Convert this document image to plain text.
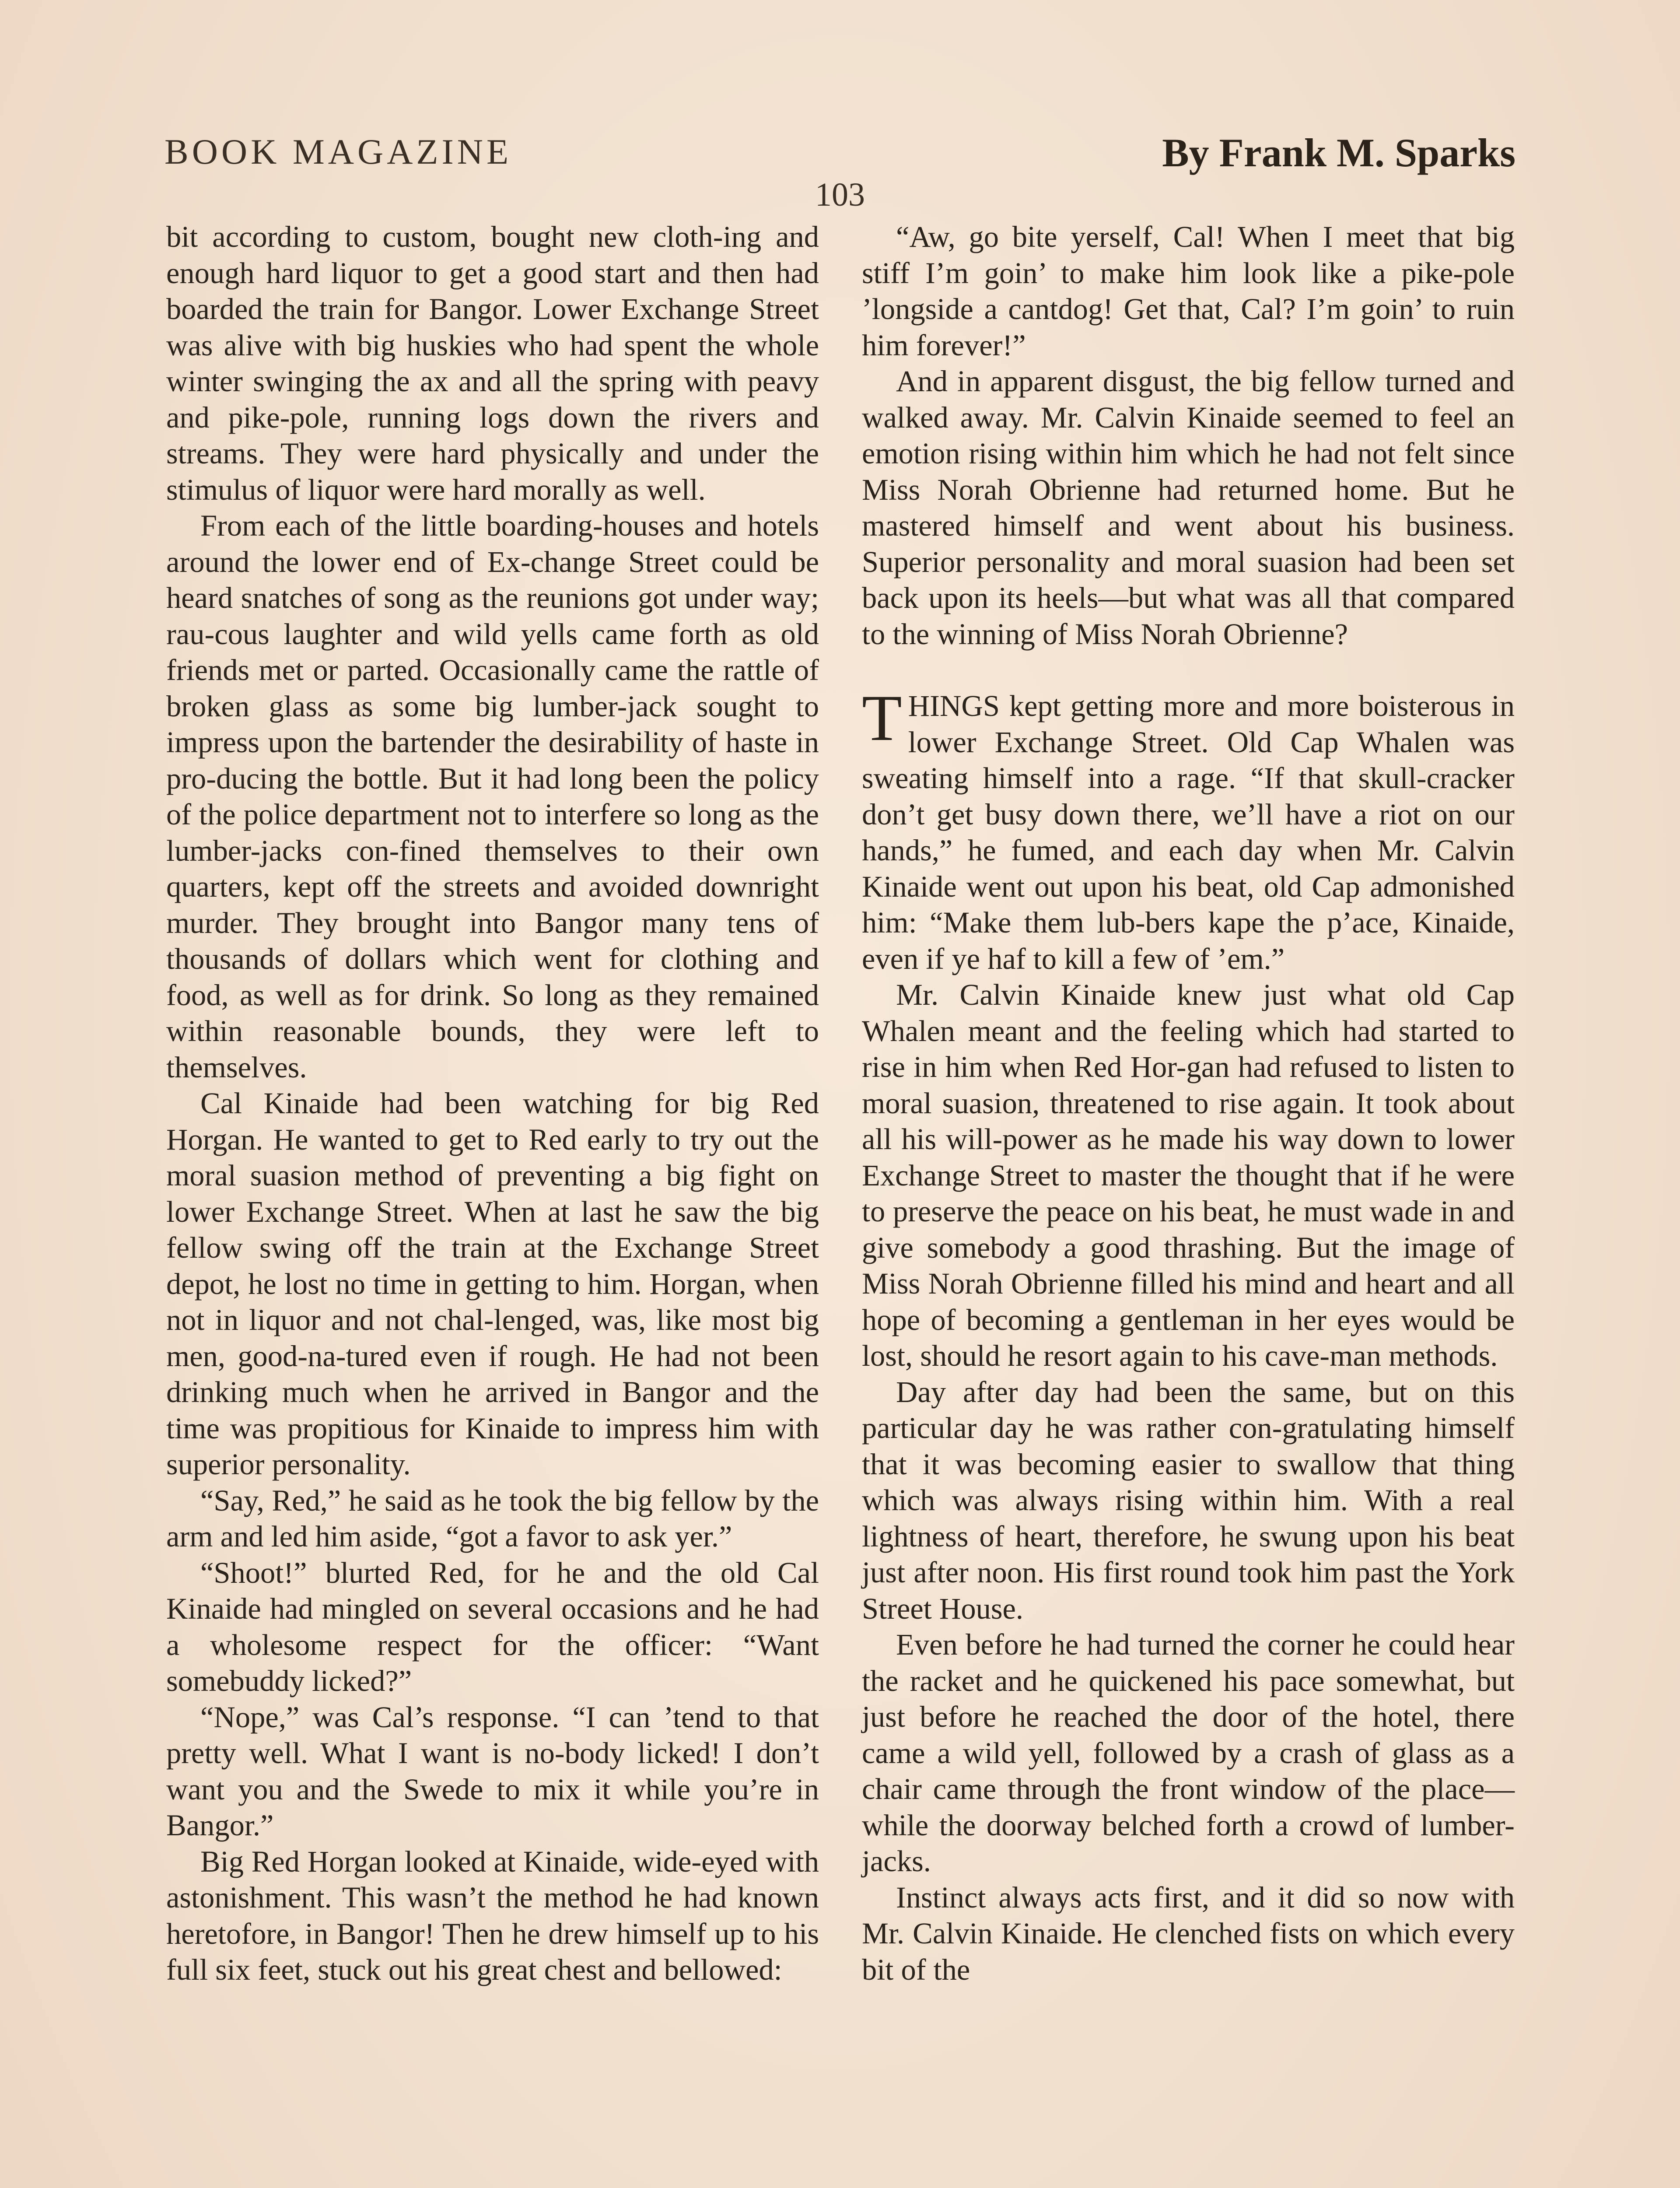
BOOK MAGAZINE	By Frank M. Sparks
103

bit according to custom, bought new cloth-ing and enough hard liquor to get a good start and then had boarded the train for Bangor. Lower Exchange Street was alive with big huskies who had spent the whole winter swinging the ax and all the spring with peavy and pike-pole, running logs down the rivers and streams. They were hard physically and under the stimulus of liquor were hard morally as well.

From each of the little boarding-houses and hotels around the lower end of Ex-change Street could be heard snatches of song as the reunions got under way; rau-cous laughter and wild yells came forth as old friends met or parted. Occasionally came the rattle of broken glass as some big lumber-jack sought to impress upon the bartender the desirability of haste in pro-ducing the bottle. But it had long been the policy of the police department not to interfere so long as the lumber-jacks con-fined themselves to their own quarters, kept off the streets and avoided downright murder. They brought into Bangor many tens of thousands of dollars which went for clothing and food, as well as for drink. So long as they remained within reasonable bounds, they were left to themselves.

Cal Kinaide had been watching for big Red Horgan. He wanted to get to Red early to try out the moral suasion method of preventing a big fight on lower Exchange Street. When at last he saw the big fellow swing off the train at the Exchange Street depot, he lost no time in getting to him. Horgan, when not in liquor and not chal-lenged, was, like most big men, good-na-tured even if rough. He had not been drinking much when he arrived in Bangor and the time was propitious for Kinaide to impress him with superior personality.

“Say, Red,” he said as he took the big fellow by the arm and led him aside, “got a favor to ask yer.”

“Shoot!” blurted Red, for he and the old Cal Kinaide had mingled on several occasions and he had a wholesome respect for the officer: “Want somebuddy licked?”

“Nope,” was Cal’s response. “I can ’tend to that pretty well. What I want is no-body licked! I don’t want you and the Swede to mix it while you’re in Bangor.”

Big Red Horgan looked at Kinaide, wide-eyed with astonishment. This wasn’t the method he had known heretofore, in Bangor! Then he drew himself up to his full six feet, stuck out his great chest and bellowed:

“Aw, go bite yerself, Cal! When I meet that big stiff I’m goin’ to make him look like a pike-pole ’longside a cantdog! Get that, Cal? I’m goin’ to ruin him forever!”

And in apparent disgust, the big fellow turned and walked away. Mr. Calvin Kinaide seemed to feel an emotion rising within him which he had not felt since Miss Norah Obrienne had returned home. But he mastered himself and went about his business. Superior personality and moral suasion had been set back upon its heels—but what was all that compared to the winning of Miss Norah Obrienne?

THINGS kept getting more and more boisterous in lower Exchange Street. Old Cap Whalen was sweating himself into a rage. “If that skull-cracker don’t get busy down there, we’ll have a riot on our hands,” he fumed, and each day when Mr. Calvin Kinaide went out upon his beat, old Cap admonished him: “Make them lub-bers kape the p’ace, Kinaide, even if ye haf to kill a few of ’em.”

Mr. Calvin Kinaide knew just what old Cap Whalen meant and the feeling which had started to rise in him when Red Hor-gan had refused to listen to moral suasion, threatened to rise again. It took about all his will-power as he made his way down to lower Exchange Street to master the thought that if he were to preserve the peace on his beat, he must wade in and give somebody a good thrashing. But the image of Miss Norah Obrienne filled his mind and heart and all hope of becoming a gentleman in her eyes would be lost, should he resort again to his cave-man methods.

Day after day had been the same, but on this particular day he was rather con-gratulating himself that it was becoming easier to swallow that thing which was always rising within him. With a real lightness of heart, therefore, he swung upon his beat just after noon. His first round took him past the York Street House.

Even before he had turned the corner he could hear the racket and he quickened his pace somewhat, but just before he reached the door of the hotel, there came a wild yell, followed by a crash of glass as a chair came through the front window of the place—while the doorway belched forth a crowd of lumber-jacks.

Instinct always acts first, and it did so now with Mr. Calvin Kinaide. He clenched fists on which every bit of the
